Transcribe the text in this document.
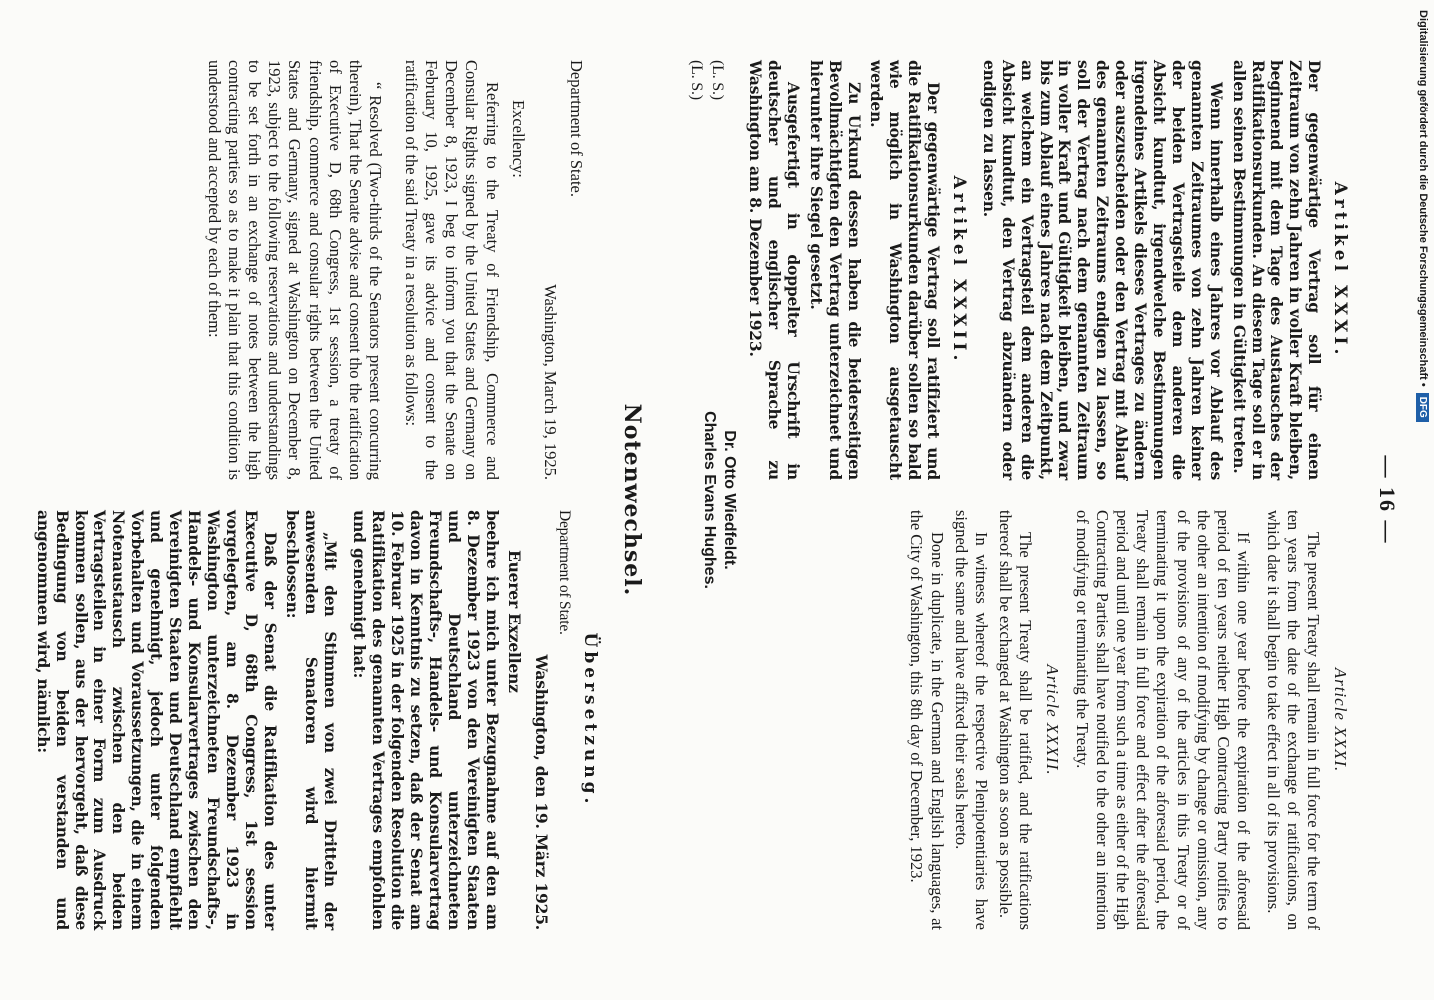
— 16 —
Artikel XXXI.

Der gegenwärtige Vertrag soll für einen Zeitraum von zehn Jahren in voller Kraft bleiben, beginnend mit dem Tage des Austausches der Ratifikationsurkunden. An diesem Tage soll er in allen seinen Bestimmungen in Gültigkeit treten.

Wenn innerhalb eines Jahres vor Ablauf des genannten Zeitraumes von zehn Jahren keiner der beiden Vertragsteile dem anderen die Absicht kundtut, irgendwelche Bestimmungen irgendeines Artikels dieses Vertrages zu ändern oder auszuscheiden oder den Vertrag mit Ablauf des genannten Zeitraums endigen zu lassen, so soll der Vertrag nach dem genannten Zeitraum in voller Kraft und Gültigkeit bleiben, und zwar bis zum Ablauf eines Jahres nach dem Zeitpunkt, an welchem ein Vertragsteil dem anderen die Absicht kundtut, den Vertrag abzuändern oder endigen zu lassen.

Artikel XXXII.

Der gegenwärtige Vertrag soll ratifiziert und die Ratifikationsurkunden darüber sollen so bald wie möglich in Washington ausgetauscht werden.

Zu Urkund dessen haben die beiderseitigen Bevollmächtigten den Vertrag unterzeichnet und hierunter ihre Siegel gesetzt.

Ausgefertigt in doppelter Urschrift in deutscher und englischer Sprache zu Washington am 8. Dezember 1923.

(L. S.)
(L. S.)
Article XXXI.

The present Treaty shall remain in full force for the term of ten years from the date of the exchange of ratifications, on which date it shall begin to take effect in all of its provisions.

If within one year before the expiration of the aforesaid period of ten years neither High Contracting Party notifies to the other an intention of modifying by change or omission, any of the provisions of any of the articles in this Treaty or of terminating it upon the expiration of the aforesaid period, the Treaty shall remain in full force and effect after the aforesaid period and until one year from such a time as either of the High Contracting Parties shall have notified to the other an intention of modifying or terminating the Treaty.

Article XXXII.

The present Treaty shall be ratified, and the ratifications thereof shall be exchanged at Washington as soon as possible.

In witness whereof the respective Plenipotentiaries have signed the same and have affixed their seals hereto.

Done in duplicate, in the German and English languages, at the City of Washington, this 8th day of December, 1923.

Dr. Otto Wiedfeldt.
Charles Evans Hughes.
Notenwechsel.
Department of State.
Washington, March 19, 1925.
Excellency:

Referring to the Treaty of Friendship, Commerce and Consular Rights signed by the United States and Germany on December 8, 1923, I beg to inform you that the Senate on February 10, 1925, gave its advice and consent to the ratification of the said Treaty in a resolution as follows:

“ Resolved (Two-thirds of the Senators present concurring therein), That the Senate advise and consent tho the ratification of Executive D, 68th Congress, 1st session, a treaty of friendship, commerce and consular rights between the United States and Germany, signed at Washington on December 8, 1923, subject to the following reservations and understandings to be set forth in an exchange of notes between the high contracting parties so as to make it plain that this condition is understood and accepted by each of them:

Übersetzung.
Department of State.
Washington, den 19. März 1925.
Euerer Exzellenz

beehre ich mich unter Bezugnahme auf den am 8. Dezember 1923 von den Vereinigten Staaten und Deutschland unterzeichneten Freundschafts-, Handels- und Konsularvertrag davon in Kenntnis zu setzen, daß der Senat am 10. Februar 1925 in der folgenden Resolution die Ratifikation des genannten Vertrages empfohlen und genehmigt hat:

„Mit den Stimmen von zwei Dritteln der anwesenden Senatoren wird hiermit beschlossen:

Daß der Senat die Ratifikation des unter Executive D, 68th Congress, 1st session vorgelegten, am 8. Dezember 1923 in Washington unterzeichneten Freundschafts-, Handels- und Konsularvertrages zwischen den Vereinigten Staaten und Deutschland empfiehlt und genehmigt, jedoch unter folgenden Vorbehalten und Voraussetzungen, die in einem Notenaustausch zwischen den beiden Vertragsteilen in einer Form zum Ausdruck kommen sollen, aus der hervorgeht, daß diese Bedingung von beiden verstanden und angenommen wird, nämlich:

Digitalisierung gefördert durch die Deutsche Forschungsgemeinschaft •
DFG
